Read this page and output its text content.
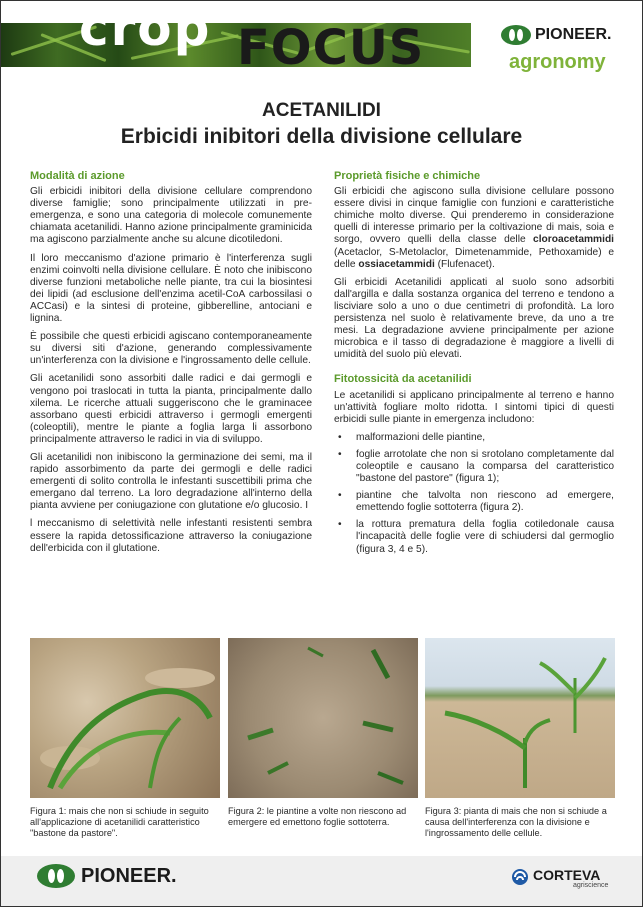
crop FOCUS	PIONEER.
agronomy
ACETANILIDI
Erbicidi inibitori della divisione cellulare
Modalità di azione

Gli erbicidi inibitori della divisione cellulare comprendono diverse famiglie; sono principalmente utilizzati in pre-emergenza, e sono una categoria di molecole comunemente chiamata acetanilidi. Hanno azione principalmente graminicida ma agiscono parzialmente anche su alcune dicotiledoni.

Il loro meccanismo d'azione primario è l'interferenza sugli enzimi coinvolti nella divisione cellulare. È noto che inibiscono diverse funzioni metaboliche nelle piante, tra cui la biosintesi dei lipidi (ad esclusione dell'enzima acetil-CoA carbossilasi o ACCasi) e la sintesi di proteine, gibberelline, antociani e lignina.

È possibile che questi erbicidi agiscano contemporaneamente su diversi siti d'azione, generando complessivamente un'interferenza con la divisione e l'ingrossamento delle cellule.

Gli acetanilidi sono assorbiti dalle radici e dai germogli e vengono poi traslocati in tutta la pianta, principalmente dallo xilema. Le ricerche attuali suggeriscono che le graminacee assorbano questi erbicidi attraverso i germogli emergenti (coleoptili), mentre le piante a foglia larga li assorbono principalmente attraverso le radici in via di sviluppo.

Gli acetanilidi non inibiscono la germinazione dei semi, ma il rapido assorbimento da parte dei germogli e delle radici emergenti di solito controlla le infestanti suscettibili prima che emergano dal terreno. La loro degradazione all'interno della pianta avviene per coniugazione con glutatione e/o glucosio. I

l meccanismo di selettività nelle infestanti resistenti sembra essere la rapida detossificazione attraverso la coniugazione dell'erbicida con il glutatione.

Proprietà fisiche e chimiche

Gli erbicidi che agiscono sulla divisione cellulare possono essere divisi in cinque famiglie con funzioni e caratteristiche chimiche molto diverse. Qui prenderemo in considerazione quelli di interesse primario per la coltivazione di mais, soia e sorgo, ovvero quelli della classe delle cloroacetammidi (Acetaclor, S-Metolaclor, Dimetenammide, Pethoxamide) e delle ossiacetammidi (Flufenacet).

Gli erbicidi Acetanilidi applicati al suolo sono adsorbiti dall'argilla e dalla sostanza organica del terreno e tendono a lisciviare solo a uno o due centimetri di profondità. La loro persistenza nel suolo è relativamente breve, da uno a tre mesi. La degradazione avviene principalmente per azione microbica e il tasso di degradazione è maggiore a livelli di umidità del suolo più elevati.

Fitotossicità da acetanilidi

Le acetanilidi si applicano principalmente al terreno e hanno un'attività fogliare molto ridotta. I sintomi tipici di questi erbicidi sulle piante in emergenza includono:

• malformazioni delle piantine,
• foglie arrotolate che non si srotolano completamente dal coleoptile e causano la comparsa del caratteristico "bastone del pastore" (figura 1);
• piantine che talvolta non riescono ad emergere, emettendo foglie sottoterra (figura 2).
• la rottura prematura della foglia cotiledonale causa l'incapacità delle foglie vere di schiudersi dal germoglio (figura 3, 4 e 5).
Figura 1: mais che non si schiude in seguito all'applicazione di acetanilidi caratteristico "bastone da pastore".
Figura 2: le piantine a volte non riescono ad emergere ed emettono foglie sottoterra.
Figura 3: pianta di mais che non si schiude a causa dell'interferenza con la divisione e l'ingrossamento delle cellule.
PIONEER.	CORTEVA
agriscience
